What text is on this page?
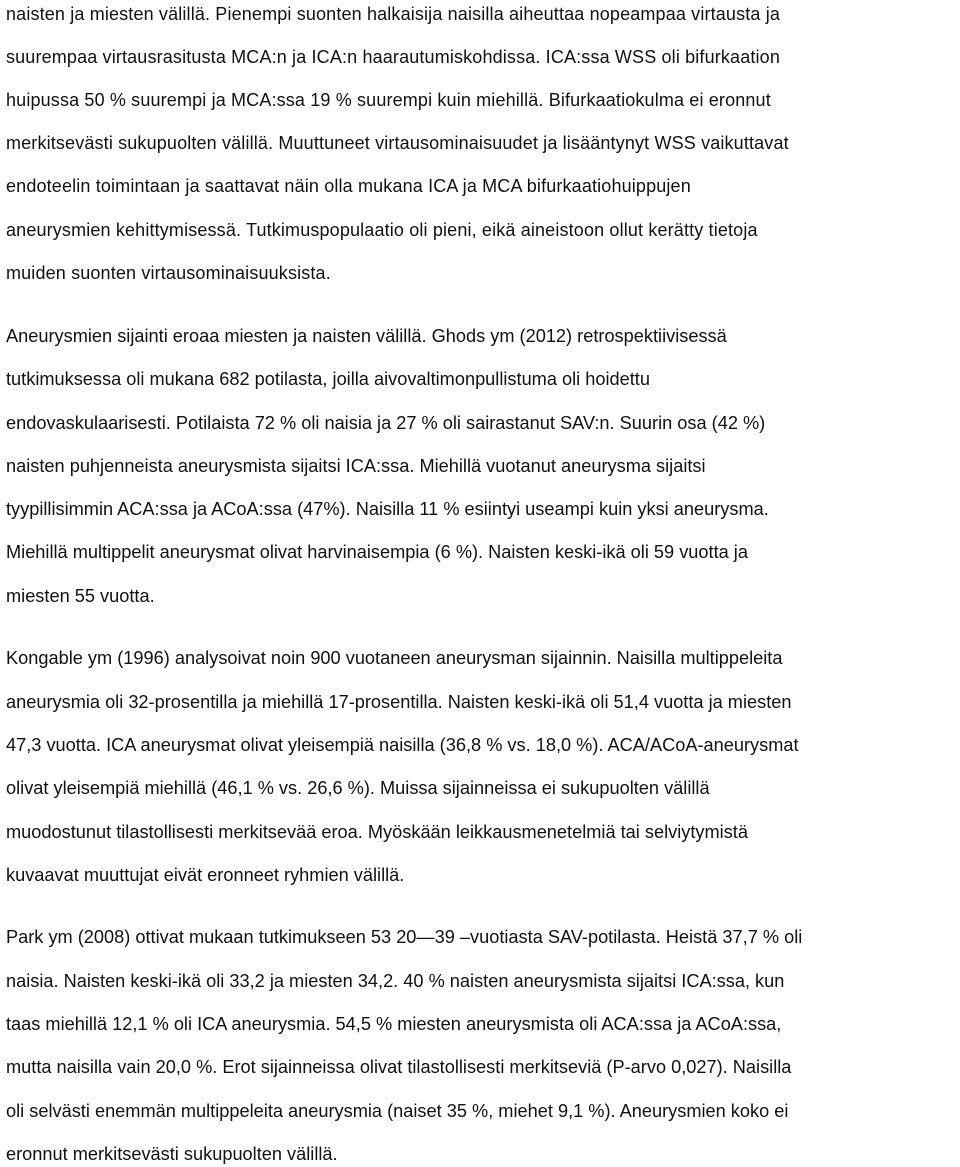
naisten ja miesten välillä. Pienempi suonten halkaisija naisilla aiheuttaa nopeampaa virtausta ja
suurempaa virtausrasitusta MCA:n ja ICA:n haarautumiskohdissa. ICA:ssa WSS oli bifurkaation
huipussa 50 % suurempi ja MCA:ssa 19 % suurempi kuin miehillä. Bifurkaatiokulma ei eronnut
merkitsevästi sukupuolten välillä. Muuttuneet virtausominaisuudet ja lisääntynyt WSS vaikuttavat
endoteelin toimintaan ja saattavat näin olla mukana ICA ja MCA bifurkaatiohuippujen
aneurysmien kehittymisessä. Tutkimuspopulaatio oli pieni, eikä aineistoon ollut kerätty tietoja
muiden suonten virtausominaisuuksista.
Aneurysmien sijainti eroaa miesten ja naisten välillä. Ghods ym (2012) retrospektiivisessä
tutkimuksessa oli mukana 682 potilasta, joilla aivovaltimonpullistuma oli hoidettu
endovaskulaarisesti. Potilaista 72 % oli naisia ja 27 % oli sairastanut SAV:n. Suurin osa (42 %)
naisten puhjenneista aneurysmista sijaitsi ICA:ssa. Miehillä vuotanut aneurysma sijaitsi
tyypillisimmin ACA:ssa ja ACoA:ssa (47%). Naisilla 11 % esiintyi useampi kuin yksi aneurysma.
Miehillä multippelit aneurysmat olivat harvinaisempia (6 %). Naisten keski-ikä oli 59 vuotta ja
miesten 55 vuotta.
Kongable ym (1996) analysoivat noin 900 vuotaneen aneurysman sijainnin. Naisilla multippeleita
aneurysmia oli 32-prosentilla ja miehillä 17-prosentilla. Naisten keski-ikä oli 51,4 vuotta ja miesten
47,3 vuotta. ICA aneurysmat olivat yleisempiä naisilla (36,8 % vs. 18,0 %). ACA/ACoA-aneurysmat
olivat yleisempiä miehillä (46,1 % vs. 26,6 %). Muissa sijainneissa ei sukupuolten välillä
muodostunut tilastollisesti merkitsevää eroa. Myöskään leikkausmenetelmiä tai selviytymistä
kuvaavat muuttujat eivät eronneet ryhmien välillä.
Park ym (2008) ottivat mukaan tutkimukseen 53 20—39 –vuotiasta SAV-potilasta. Heistä 37,7 % oli
naisia. Naisten keski-ikä oli 33,2 ja miesten 34,2. 40 % naisten aneurysmista sijaitsi ICA:ssa, kun
taas miehillä 12,1 % oli ICA aneurysmia. 54,5 % miesten aneurysmista oli ACA:ssa ja ACoA:ssa,
mutta naisilla vain 20,0 %. Erot sijainneissa olivat tilastollisesti merkitseviä (P-arvo 0,027). Naisilla
oli selvästi enemmän multippeleita aneurysmia (naiset 35 %, miehet 9,1 %). Aneurysmien koko ei
eronnut merkitsevästi sukupuolten välillä.
